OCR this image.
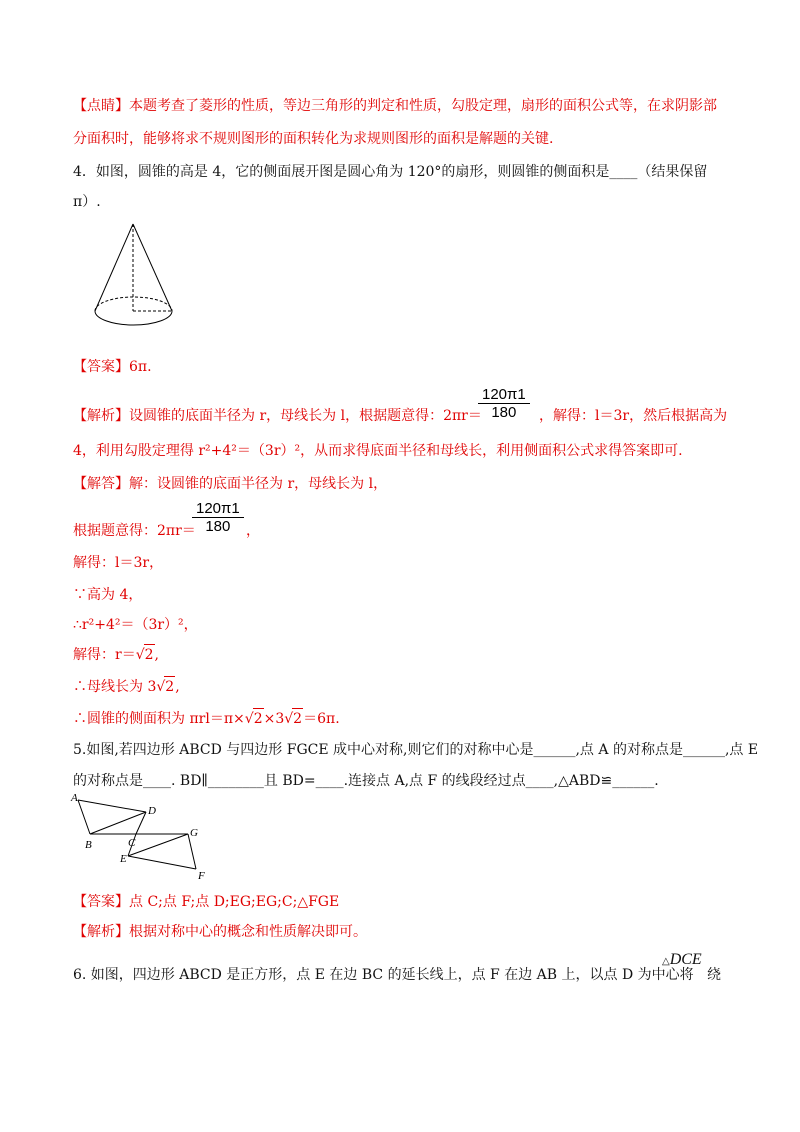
【点睛】本题考查了菱形的性质，等边三角形的判定和性质，勾股定理，扇形的面积公式等，在求阴影部
分面积时，能够将求不规则图形的面积转化为求规则图形的面积是解题的关键.
4．如图，圆锥的高是 4，它的侧面展开图是圆心角为 120°的扇形，则圆锥的侧面积是____（结果保留
π）.
【答案】6π.
【解析】设圆锥的底面半径为 r，母线长为 l，根据题意得：2πr＝
120π1
180	，解得：l＝3r，然后根据高为
4，利用勾股定理得 r²+4²＝（3r）²，从而求得底面半径和母线长，利用侧面积公式求得答案即可.
【解答】解：设圆锥的底面半径为 r，母线长为 l，
根据题意得：2πr＝
120π1
180	，
解得：l＝3r，
∵高为 4，
∴r²+4²＝（3r）²，
解得：r＝√2,
∴母线长为 3√2,
∴圆锥的侧面积为 πrl＝π×√2×3√2＝6π.
5.如图,若四边形 ABCD 与四边形 FGCE 成中心对称,则它们的对称中心是______,点 A 的对称点是______,点 E
的对称点是____. BD∥________且 BD=____.连接点 A,点 F 的线段经过点____,△ABD≌______.
A
D
B	C
G
E
F
【答案】点 C;点 F;点 D;EG;EG;C;△FGE
【解析】根据对称中心的概念和性质解决即可。
6. 如图，四边形 ABCD 是正方形，点 E 在边 BC 的延长线上，点 F 在边 AB 上，以点 D 为中心将
△DCE
绕
